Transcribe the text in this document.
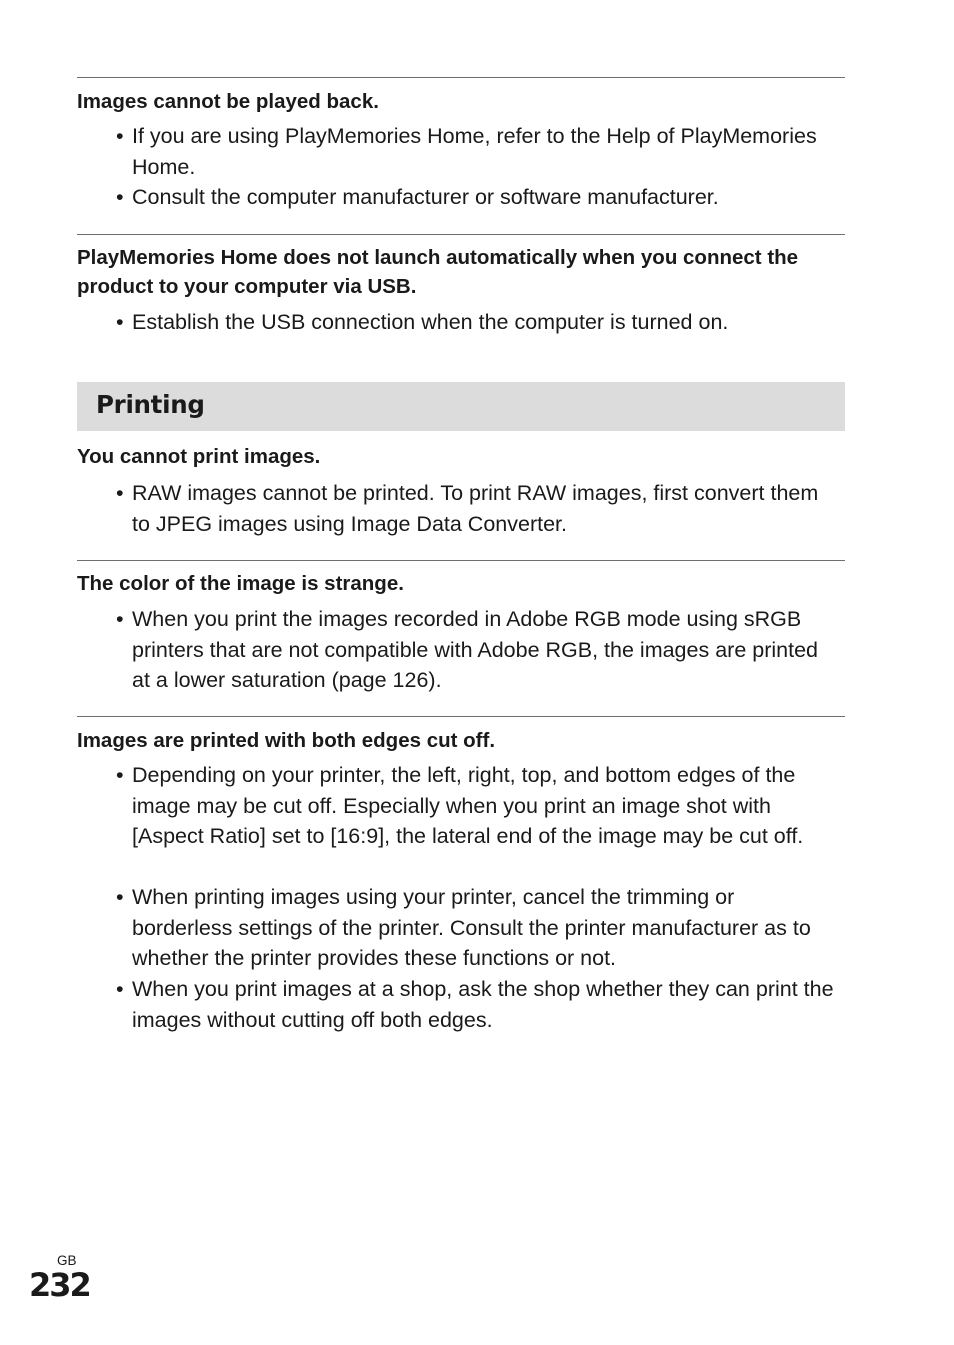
Images cannot be played back.
• If you are using PlayMemories Home, refer to the Help of PlayMemories Home.
• Consult the computer manufacturer or software manufacturer.
PlayMemories Home does not launch automatically when you connect the product to your computer via USB.
• Establish the USB connection when the computer is turned on.
Printing
You cannot print images.
• RAW images cannot be printed. To print RAW images, first convert them to JPEG images using Image Data Converter.
The color of the image is strange.
• When you print the images recorded in Adobe RGB mode using sRGB printers that are not compatible with Adobe RGB, the images are printed at a lower saturation (page 126).
Images are printed with both edges cut off.
• Depending on your printer, the left, right, top, and bottom edges of the image may be cut off. Especially when you print an image shot with [Aspect Ratio] set to [16:9], the lateral end of the image may be cut off.
• When printing images using your printer, cancel the trimming or borderless settings of the printer. Consult the printer manufacturer as to whether the printer provides these functions or not.
• When you print images at a shop, ask the shop whether they can print the images without cutting off both edges.
GB
232
